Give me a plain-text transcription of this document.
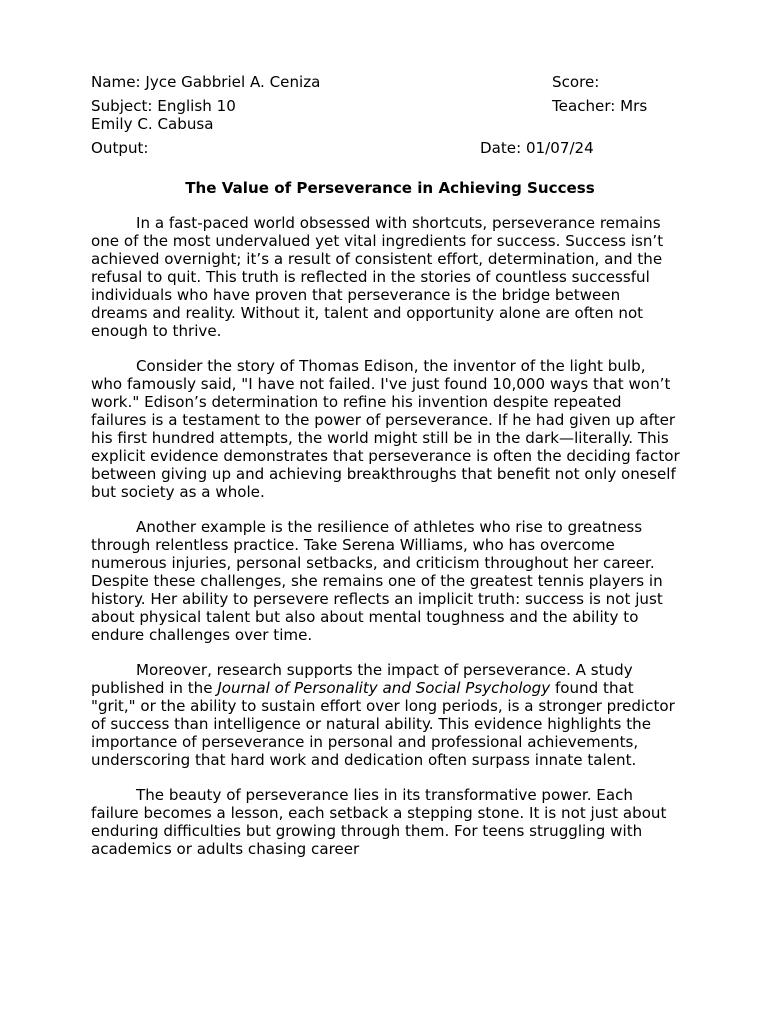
Name: Jyce Gabbriel A. Ceniza	Score:
Subject: English 10	Teacher: Mrs
Emily C. Cabusa
Output:	Date: 01/07/24
The Value of Perseverance in Achieving Success

In a fast-paced world obsessed with shortcuts, perseverance remains one of the most undervalued yet vital ingredients for success. Success isn’t achieved overnight; it’s a result of consistent effort, determination, and the refusal to quit. This truth is reflected in the stories of countless successful individuals who have proven that perseverance is the bridge between dreams and reality. Without it, talent and opportunity alone are often not enough to thrive.

Consider the story of Thomas Edison, the inventor of the light bulb, who famously said, "I have not failed. I've just found 10,000 ways that won’t work." Edison’s determination to refine his invention despite repeated failures is a testament to the power of perseverance. If he had given up after his first hundred attempts, the world might still be in the dark—literally. This explicit evidence demonstrates that perseverance is often the deciding factor between giving up and achieving breakthroughs that benefit not only oneself but society as a whole.

Another example is the resilience of athletes who rise to greatness through relentless practice. Take Serena Williams, who has overcome numerous injuries, personal setbacks, and criticism throughout her career. Despite these challenges, she remains one of the greatest tennis players in history. Her ability to persevere reflects an implicit truth: success is not just about physical talent but also about mental toughness and the ability to endure challenges over time.

Moreover, research supports the impact of perseverance. A study published in the Journal of Personality and Social Psychology found that "grit," or the ability to sustain effort over long periods, is a stronger predictor of success than intelligence or natural ability. This evidence highlights the importance of perseverance in personal and professional achievements, underscoring that hard work and dedication often surpass innate talent.

The beauty of perseverance lies in its transformative power. Each failure becomes a lesson, each setback a stepping stone. It is not just about enduring difficulties but growing through them. For teens struggling with academics or adults chasing career
